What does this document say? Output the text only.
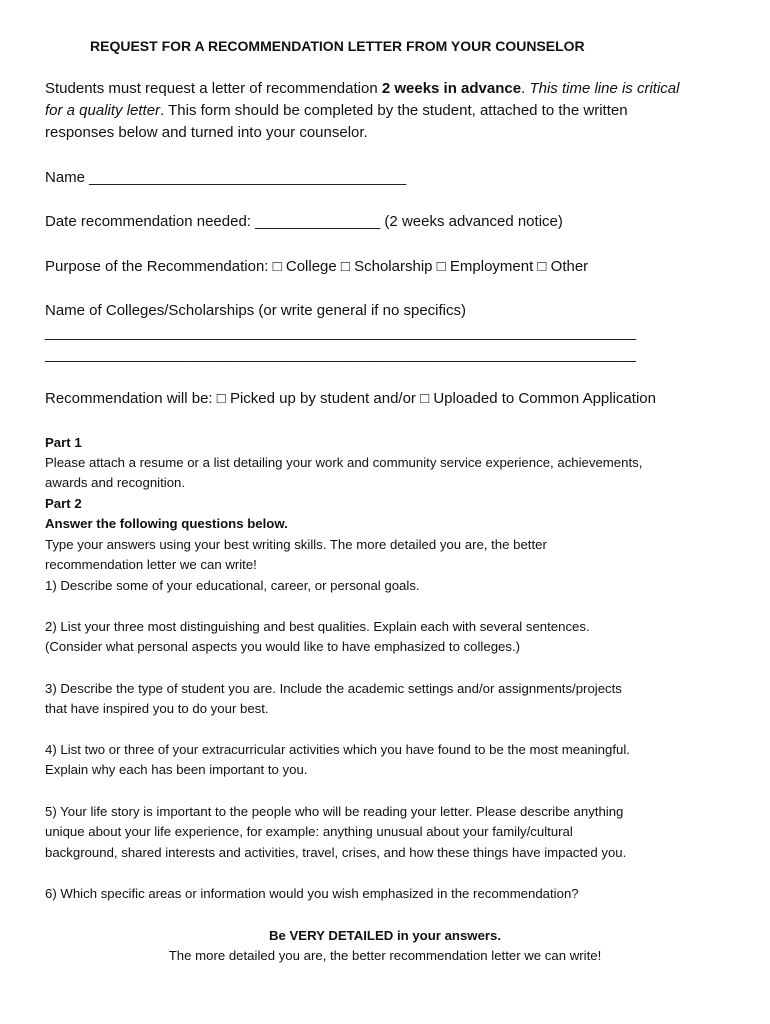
REQUEST FOR A RECOMMENDATION LETTER FROM YOUR COUNSELOR
Students must request a letter of recommendation 2 weeks in advance. This time line is critical
for a quality letter. This form should be completed by the student, attached to the written
responses below and turned into your counselor.
Name ______________________________________
Date recommendation needed: _______________ (2 weeks advanced notice)
Purpose of the Recommendation: □ College □ Scholarship □ Employment □ Other
Name of Colleges/Scholarships (or write general if no specifics)
_________________________________________________________________________
_________________________________________________________________________
Recommendation will be: □ Picked up by student and/or □ Uploaded to Common Application
Part 1
Please attach a resume or a list detailing your work and community service experience, achievements,
awards and recognition.
Part 2
Answer the following questions below.
Type your answers using your best writing skills. The more detailed you are, the better
recommendation letter we can write!
1) Describe some of your educational, career, or personal goals.
2) List your three most distinguishing and best qualities. Explain each with several sentences.
(Consider what personal aspects you would like to have emphasized to colleges.)
3) Describe the type of student you are. Include the academic settings and/or assignments/projects
that have inspired you to do your best.
4) List two or three of your extracurricular activities which you have found to be the most meaningful.
Explain why each has been important to you.
5) Your life story is important to the people who will be reading your letter. Please describe anything
unique about your life experience, for example: anything unusual about your family/cultural
background, shared interests and activities, travel, crises, and how these things have impacted you.
6) Which specific areas or information would you wish emphasized in the recommendation?
Be VERY DETAILED in your answers.
The more detailed you are, the better recommendation letter we can write!
